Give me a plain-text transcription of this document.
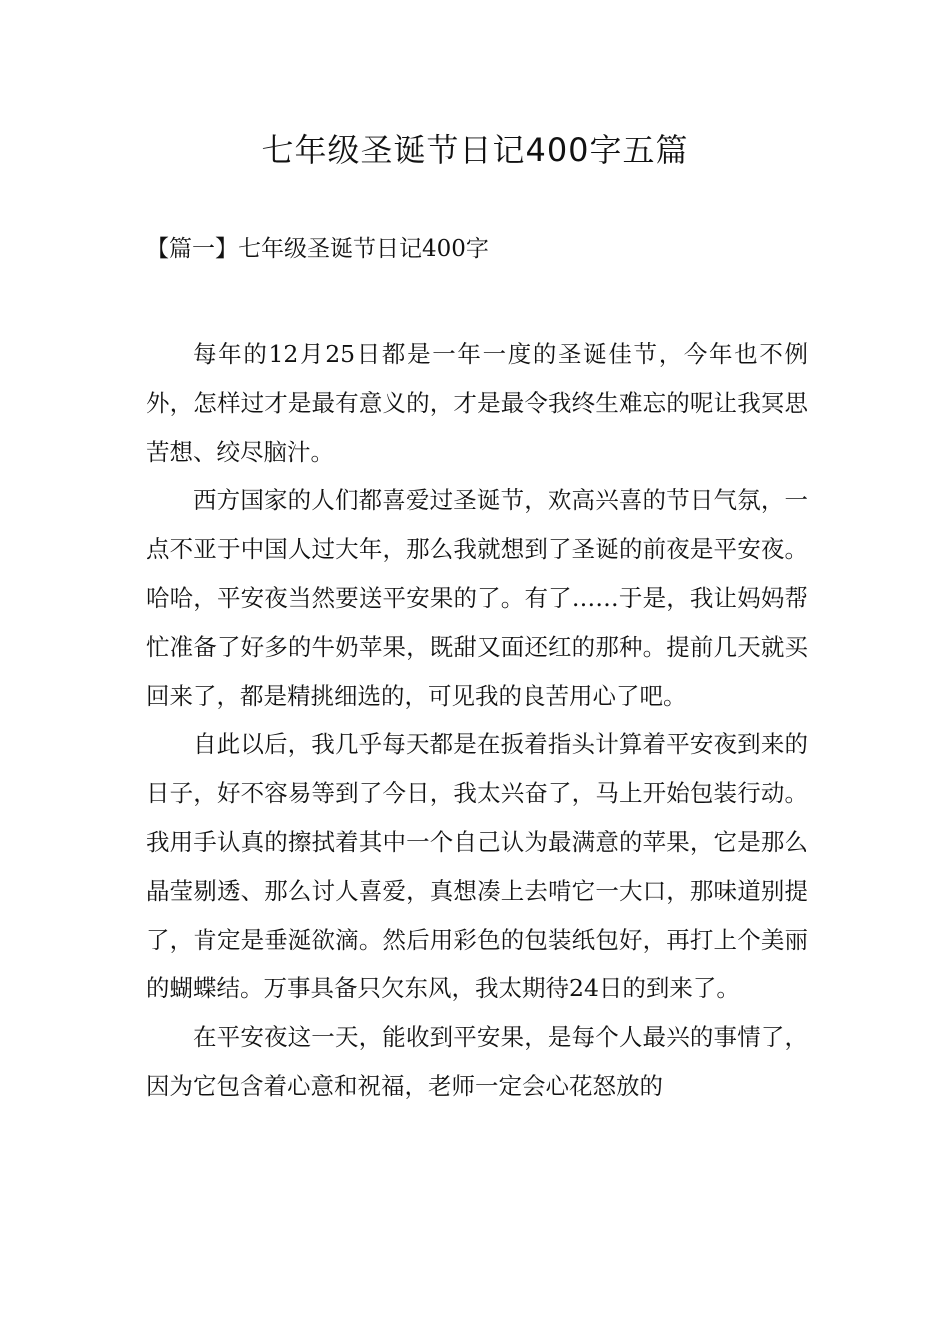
七年级圣诞节日记400字五篇
【篇一】七年级圣诞节日记400字

每年的12月25日都是一年一度的圣诞佳节，今年也不例外，怎样过才是最有意义的，才是最令我终生难忘的呢让我冥思苦想、绞尽脑汁。

西方国家的人们都喜爱过圣诞节，欢高兴喜的节日气氛，一点不亚于中国人过大年，那么我就想到了圣诞的前夜是平安夜。哈哈，平安夜当然要送平安果的了。有了……于是，我让妈妈帮忙准备了好多的牛奶苹果，既甜又面还红的那种。提前几天就买回来了，都是精挑细选的，可见我的良苦用心了吧。

自此以后，我几乎每天都是在扳着指头计算着平安夜到来的日子，好不容易等到了今日，我太兴奋了，马上开始包装行动。我用手认真的擦拭着其中一个自己认为最满意的苹果，它是那么晶莹剔透、那么讨人喜爱，真想凑上去啃它一大口，那味道别提了，肯定是垂涎欲滴。然后用彩色的包装纸包好，再打上个美丽的蝴蝶结。万事具备只欠东风，我太期待24日的到来了。

在平安夜这一天，能收到平安果，是每个人最兴的事情了，因为它包含着心意和祝福，老师一定会心花怒放的
